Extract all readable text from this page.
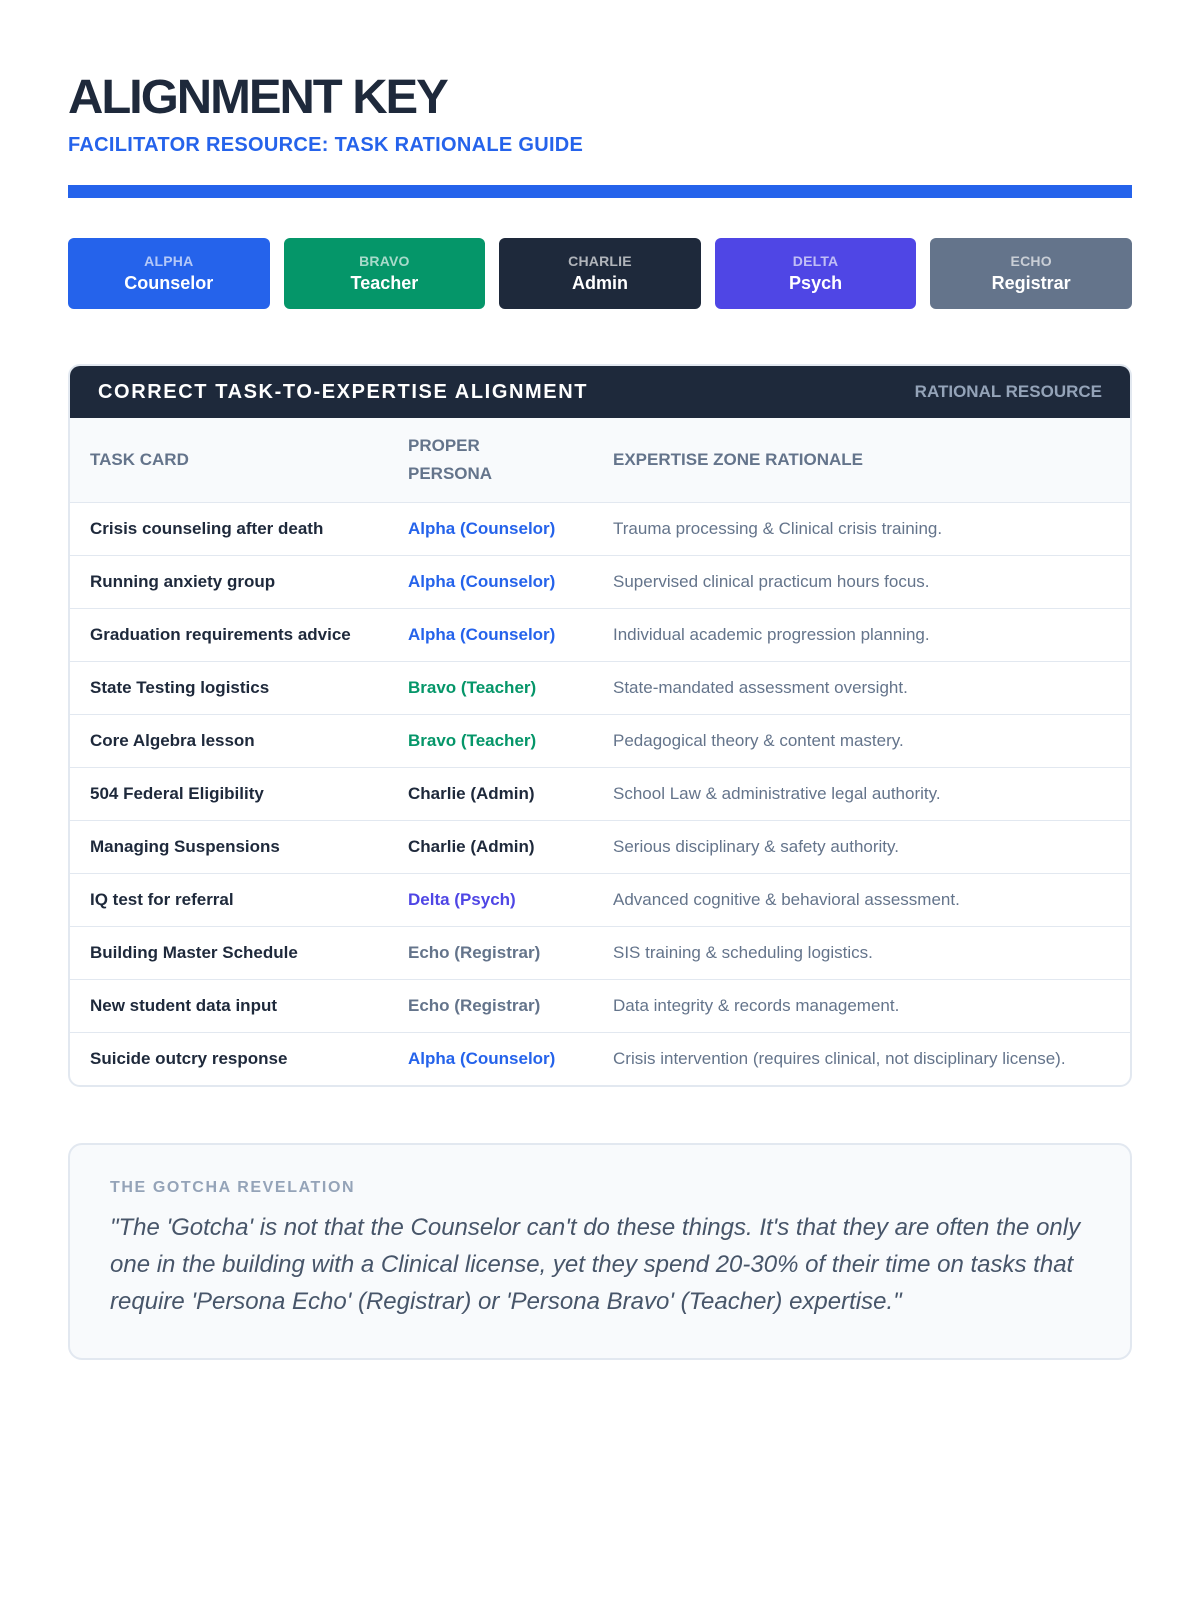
ALIGNMENT KEY
FACILITATOR RESOURCE: TASK RATIONALE GUIDE
ALPHA
Counselor
BRAVO
Teacher
CHARLIE
Admin
DELTA
Psych
ECHO
Registrar
CORRECT TASK-TO-EXPERTISE ALIGNMENT	RATIONAL RESOURCE
TASK CARD	PROPER PERSONA	EXPERTISE ZONE RATIONALE
Crisis counseling after death	Alpha (Counselor)	Trauma processing & Clinical crisis training.
Running anxiety group	Alpha (Counselor)	Supervised clinical practicum hours focus.
Graduation requirements advice	Alpha (Counselor)	Individual academic progression planning.
State Testing logistics	Bravo (Teacher)	State-mandated assessment oversight.
Core Algebra lesson	Bravo (Teacher)	Pedagogical theory & content mastery.
504 Federal Eligibility	Charlie (Admin)	School Law & administrative legal authority.
Managing Suspensions	Charlie (Admin)	Serious disciplinary & safety authority.
IQ test for referral	Delta (Psych)	Advanced cognitive & behavioral assessment.
Building Master Schedule	Echo (Registrar)	SIS training & scheduling logistics.
New student data input	Echo (Registrar)	Data integrity & records management.
Suicide outcry response	Alpha (Counselor)	Crisis intervention (requires clinical, not disciplinary license).
THE GOTCHA REVELATION
"The 'Gotcha' is not that the Counselor can't do these things. It's that they are often the only one in the building with a Clinical license, yet they spend 20-30% of their time on tasks that require 'Persona Echo' (Registrar) or 'Persona Bravo' (Teacher) expertise."
